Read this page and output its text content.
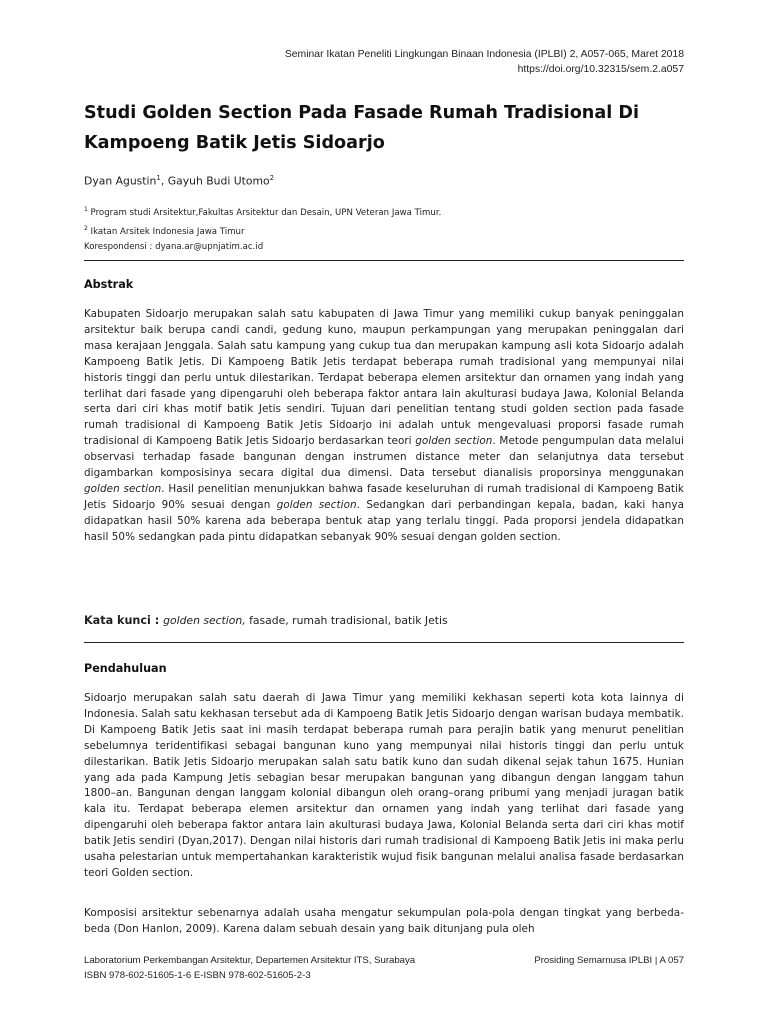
Seminar Ikatan Peneliti Lingkungan Binaan Indonesia (IPLBI) 2, A057-065, Maret 2018
https://doi.org/10.32315/sem.2.a057
Studi Golden Section Pada Fasade Rumah Tradisional Di
Kampoeng Batik Jetis Sidoarjo
Dyan Agustin$^1$, Gayuh Budi Utomo$^2$
$^1$ Program studi Arsitektur,Fakultas Arsitektur dan Desain, UPN Veteran Jawa Timur.
$^2$ Ikatan Arsitek Indonesia Jawa Timur
Korespondensi : dyana.ar@upnjatim.ac.id
Abstrak
Kabupaten Sidoarjo merupakan salah satu kabupaten di Jawa Timur yang memiliki cukup banyak peninggalan arsitektur baik berupa candi candi, gedung kuno, maupun perkampungan yang merupakan peninggalan dari masa kerajaan Jenggala. Salah satu kampung yang cukup tua dan merupakan kampung asli kota Sidoarjo adalah Kampoeng Batik Jetis. Di Kampoeng Batik Jetis terdapat beberapa rumah tradisional yang mempunyai nilai historis tinggi dan perlu untuk dilestarikan. Terdapat beberapa elemen arsitektur dan ornamen yang indah yang terlihat dari fasade yang dipengaruhi oleh beberapa faktor antara lain akulturasi budaya Jawa, Kolonial Belanda serta dari ciri khas motif batik Jetis sendiri. Tujuan dari penelitian tentang studi golden section pada fasade rumah tradisional di Kampoeng Batik Jetis Sidoarjo ini adalah untuk mengevaluasi proporsi fasade rumah tradisional di Kampoeng Batik Jetis Sidoarjo berdasarkan teori golden section. Metode pengumpulan data melalui observasi terhadap fasade bangunan dengan instrumen distance meter dan selanjutnya data tersebut digambarkan komposisinya secara digital dua dimensi. Data tersebut dianalisis proporsinya menggunakan golden section. Hasil penelitian menunjukkan bahwa fasade keseluruhan di rumah tradisional di Kampoeng Batik Jetis Sidoarjo 90% sesuai dengan golden section. Sedangkan dari perbandingan kepala, badan, kaki hanya didapatkan hasil 50% karena ada beberapa bentuk atap yang terlalu tinggi. Pada proporsi jendela didapatkan hasil 50% sedangkan pada pintu didapatkan sebanyak 90% sesuai dengan golden section.
Kata kunci : golden section, fasade, rumah tradisional, batik Jetis
Pendahuluan
Sidoarjo merupakan salah satu daerah di Jawa Timur yang memiliki kekhasan seperti kota kota lainnya di Indonesia. Salah satu kekhasan tersebut ada di Kampoeng Batik Jetis Sidoarjo dengan warisan budaya membatik. Di Kampoeng Batik Jetis saat ini masih terdapat beberapa rumah para perajin batik yang menurut penelitian sebelumnya teridentifikasi sebagai bangunan kuno yang mempunyai nilai historis tinggi dan perlu untuk dilestarikan. Batik Jetis Sidoarjo merupakan salah satu batik kuno dan sudah dikenal sejak tahun 1675. Hunian yang ada pada Kampung Jetis sebagian besar merupakan bangunan yang dibangun dengan langgam tahun 1800–an. Bangunan dengan langgam kolonial dibangun oleh orang–orang pribumi yang menjadi juragan batik kala itu. Terdapat beberapa elemen arsitektur dan ornamen yang indah yang terlihat dari fasade yang dipengaruhi oleh beberapa faktor antara lain akulturasi budaya Jawa, Kolonial Belanda serta dari ciri khas motif batik Jetis sendiri (Dyan,2017). Dengan nilai historis dari rumah tradisional di Kampoeng Batik Jetis ini maka perlu usaha pelestarian untuk mempertahankan karakteristik wujud fisik bangunan melalui analisa fasade berdasarkan teori Golden section.
Komposisi arsitektur sebenarnya adalah usaha mengatur sekumpulan pola-pola dengan tingkat yang berbeda-beda (Don Hanlon, 2009). Karena dalam sebuah desain yang baik ditunjang pula oleh
Laboratorium Perkembangan Arsitektur, Departemen Arsitektur ITS, Surabaya	Prosiding Semarnusa IPLBI | A 057
ISBN 978-602-51605-1-6 E-ISBN 978-602-51605-2-3
